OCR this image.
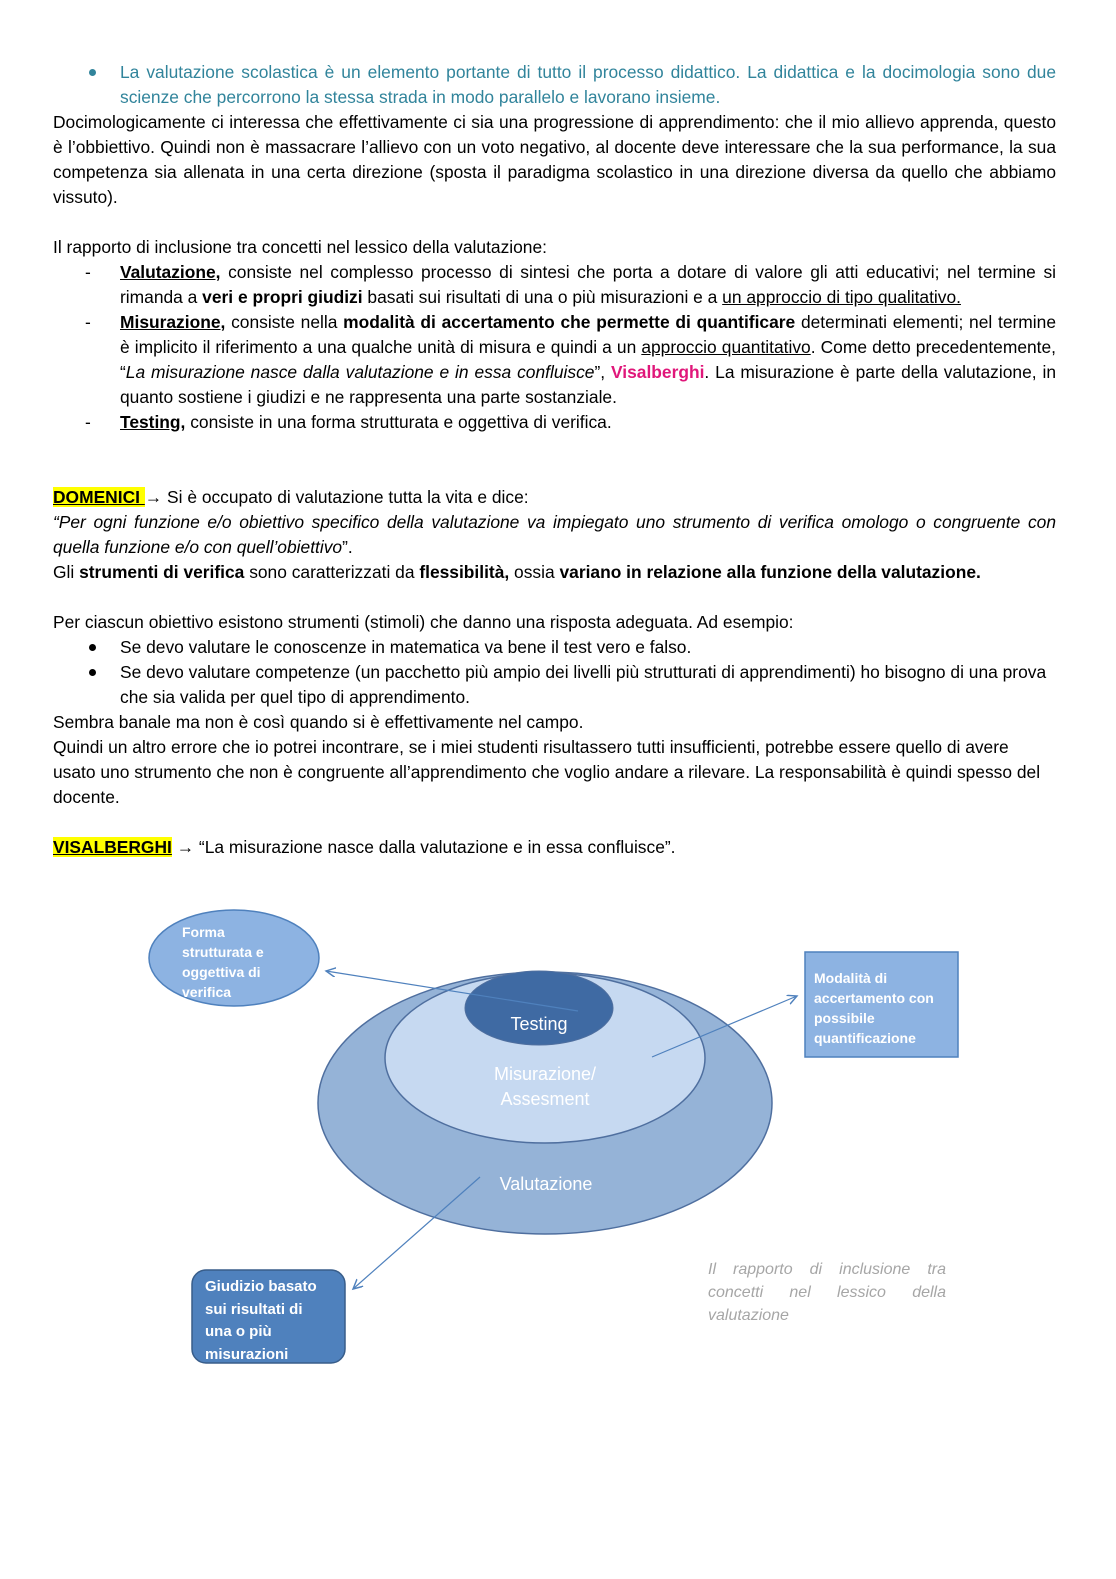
La valutazione scolastica è un elemento portante di tutto il processo didattico. La didattica e la docimologia sono due scienze che percorrono la stessa strada in modo parallelo e lavorano insieme.

Docimologicamente ci interessa che effettivamente ci sia una progressione di apprendimento: che il mio allievo apprenda, questo è l’obbiettivo. Quindi non è massacrare l’allievo con un voto negativo, al docente deve interessare che la sua performance, la sua competenza sia allenata in una certa direzione (sposta il paradigma scolastico in una direzione diversa da quello che abbiamo vissuto).

Il rapporto di inclusione tra concetti nel lessico della valutazione:

- Valutazione, consiste nel complesso processo di sintesi che porta a dotare di valore gli atti educativi; nel termine si rimanda a veri e propri giudizi basati sui risultati di una o più misurazioni e a un approccio di tipo qualitativo.
- Misurazione, consiste nella modalità di accertamento che permette di quantificare determinati elementi; nel termine è implicito il riferimento a una qualche unità di misura e quindi a un approccio quantitativo. Come detto precedentemente, “La misurazione nasce dalla valutazione e in essa confluisce”, Visalberghi. La misurazione è parte della valutazione, in quanto sostiene i giudizi e ne rappresenta una parte sostanziale.
- Testing, consiste in una forma strutturata e oggettiva di verifica.

DOMENICI → Si è occupato di valutazione tutta la vita e dice:

“Per ogni funzione e/o obiettivo specifico della valutazione va impiegato uno strumento di verifica omologo o congruente con quella funzione e/o con quell’obiettivo”.

Gli strumenti di verifica sono caratterizzati da flessibilità, ossia variano in relazione alla funzione della valutazione.

Per ciascun obiettivo esistono strumenti (stimoli) che danno una risposta adeguata. Ad esempio:

Se devo valutare le conoscenze in matematica va bene il test vero e falso.
Se devo valutare competenze (un pacchetto più ampio dei livelli più strutturati di apprendimenti) ho bisogno di una prova che sia valida per quel tipo di apprendimento.

Sembra banale ma non è così quando si è effettivamente nel campo.

Quindi un altro errore che io potrei incontrare, se i miei studenti risultassero tutti insufficienti, potrebbe essere quello di avere usato uno strumento che non è congruente all’apprendimento che voglio andare a rilevare. La responsabilità è quindi spesso del docente.

VISALBERGHI → “La misurazione nasce dalla valutazione e in essa confluisce”.

Testing
Misurazione/
Assesment
Valutazione
Forma
strutturata e
oggettiva di
verifica
Modalità di
accertamento con
possibile
quantificazione
Giudizio basato
sui risultati di
una o più
misurazioni
Il rapporto di inclusione tra concetti nel lessico della valutazione
